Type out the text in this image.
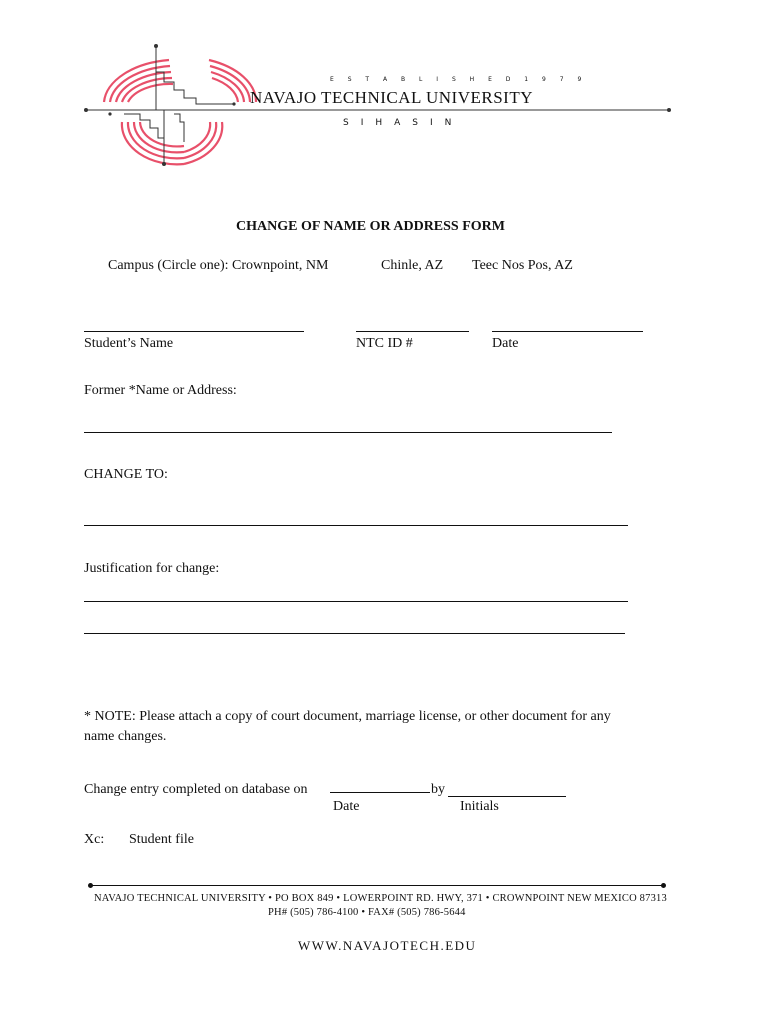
E S T A B L I S H E D 1 9 7 9
NAVAJO TECHNICAL UNIVERSITY
SIHASIN
CHANGE OF NAME OR ADDRESS FORM
Campus (Circle one): Crownpoint, NM	Chinle, AZ Teec Nos Pos, AZ
Student’s Name	NTC ID #	Date
Former *Name or Address:
CHANGE TO:
Justification for change:
* NOTE: Please attach a copy of court document, marriage license, or other document for any
name changes.
Change entry completed on database on	by
Date	Initials
Xc: Student file
NAVAJO TECHNICAL UNIVERSITY • PO BOX 849 • LOWERPOINT RD. HWY, 371 • CROWNPOINT NEW MEXICO 87313
PH# (505) 786-4100 • FAX# (505) 786-5644
WWW.NAVAJOTECH.EDU
